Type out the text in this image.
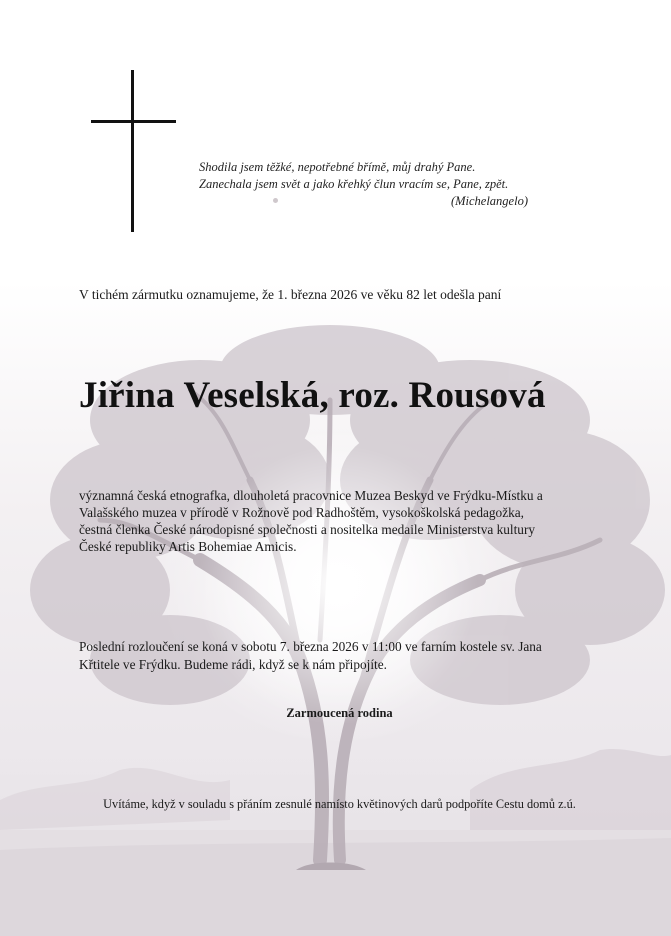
Shodila jsem těžké, nepotřebné břímě, můj drahý Pane.
Zanechala jsem svět a jako křehký člun vracím se, Pane, zpět.
(Michelangelo)
V tichém zármutku oznamujeme, že 1. března 2026 ve věku 82 let odešla paní
Jiřina Veselská, roz. Rousová
významná česká etnografka, dlouholetá pracovnice Muzea Beskyd ve Frýdku-Místku a
Valašského muzea v přírodě v Rožnově pod Radhoštěm, vysokoškolská pedagožka,
čestná členka České národopisné společnosti a nositelka medaile Ministerstva kultury
České republiky Artis Bohemiae Amicis.
Poslední rozloučení se koná v sobotu 7. března 2026 v 11:00 ve farním kostele sv. Jana
Křtitele ve Frýdku. Budeme rádi, když se k nám připojíte.
Zarmoucená rodina
Uvítáme, když v souladu s přáním zesnulé namísto květinových darů podpoříte Cestu domů z.ú.
